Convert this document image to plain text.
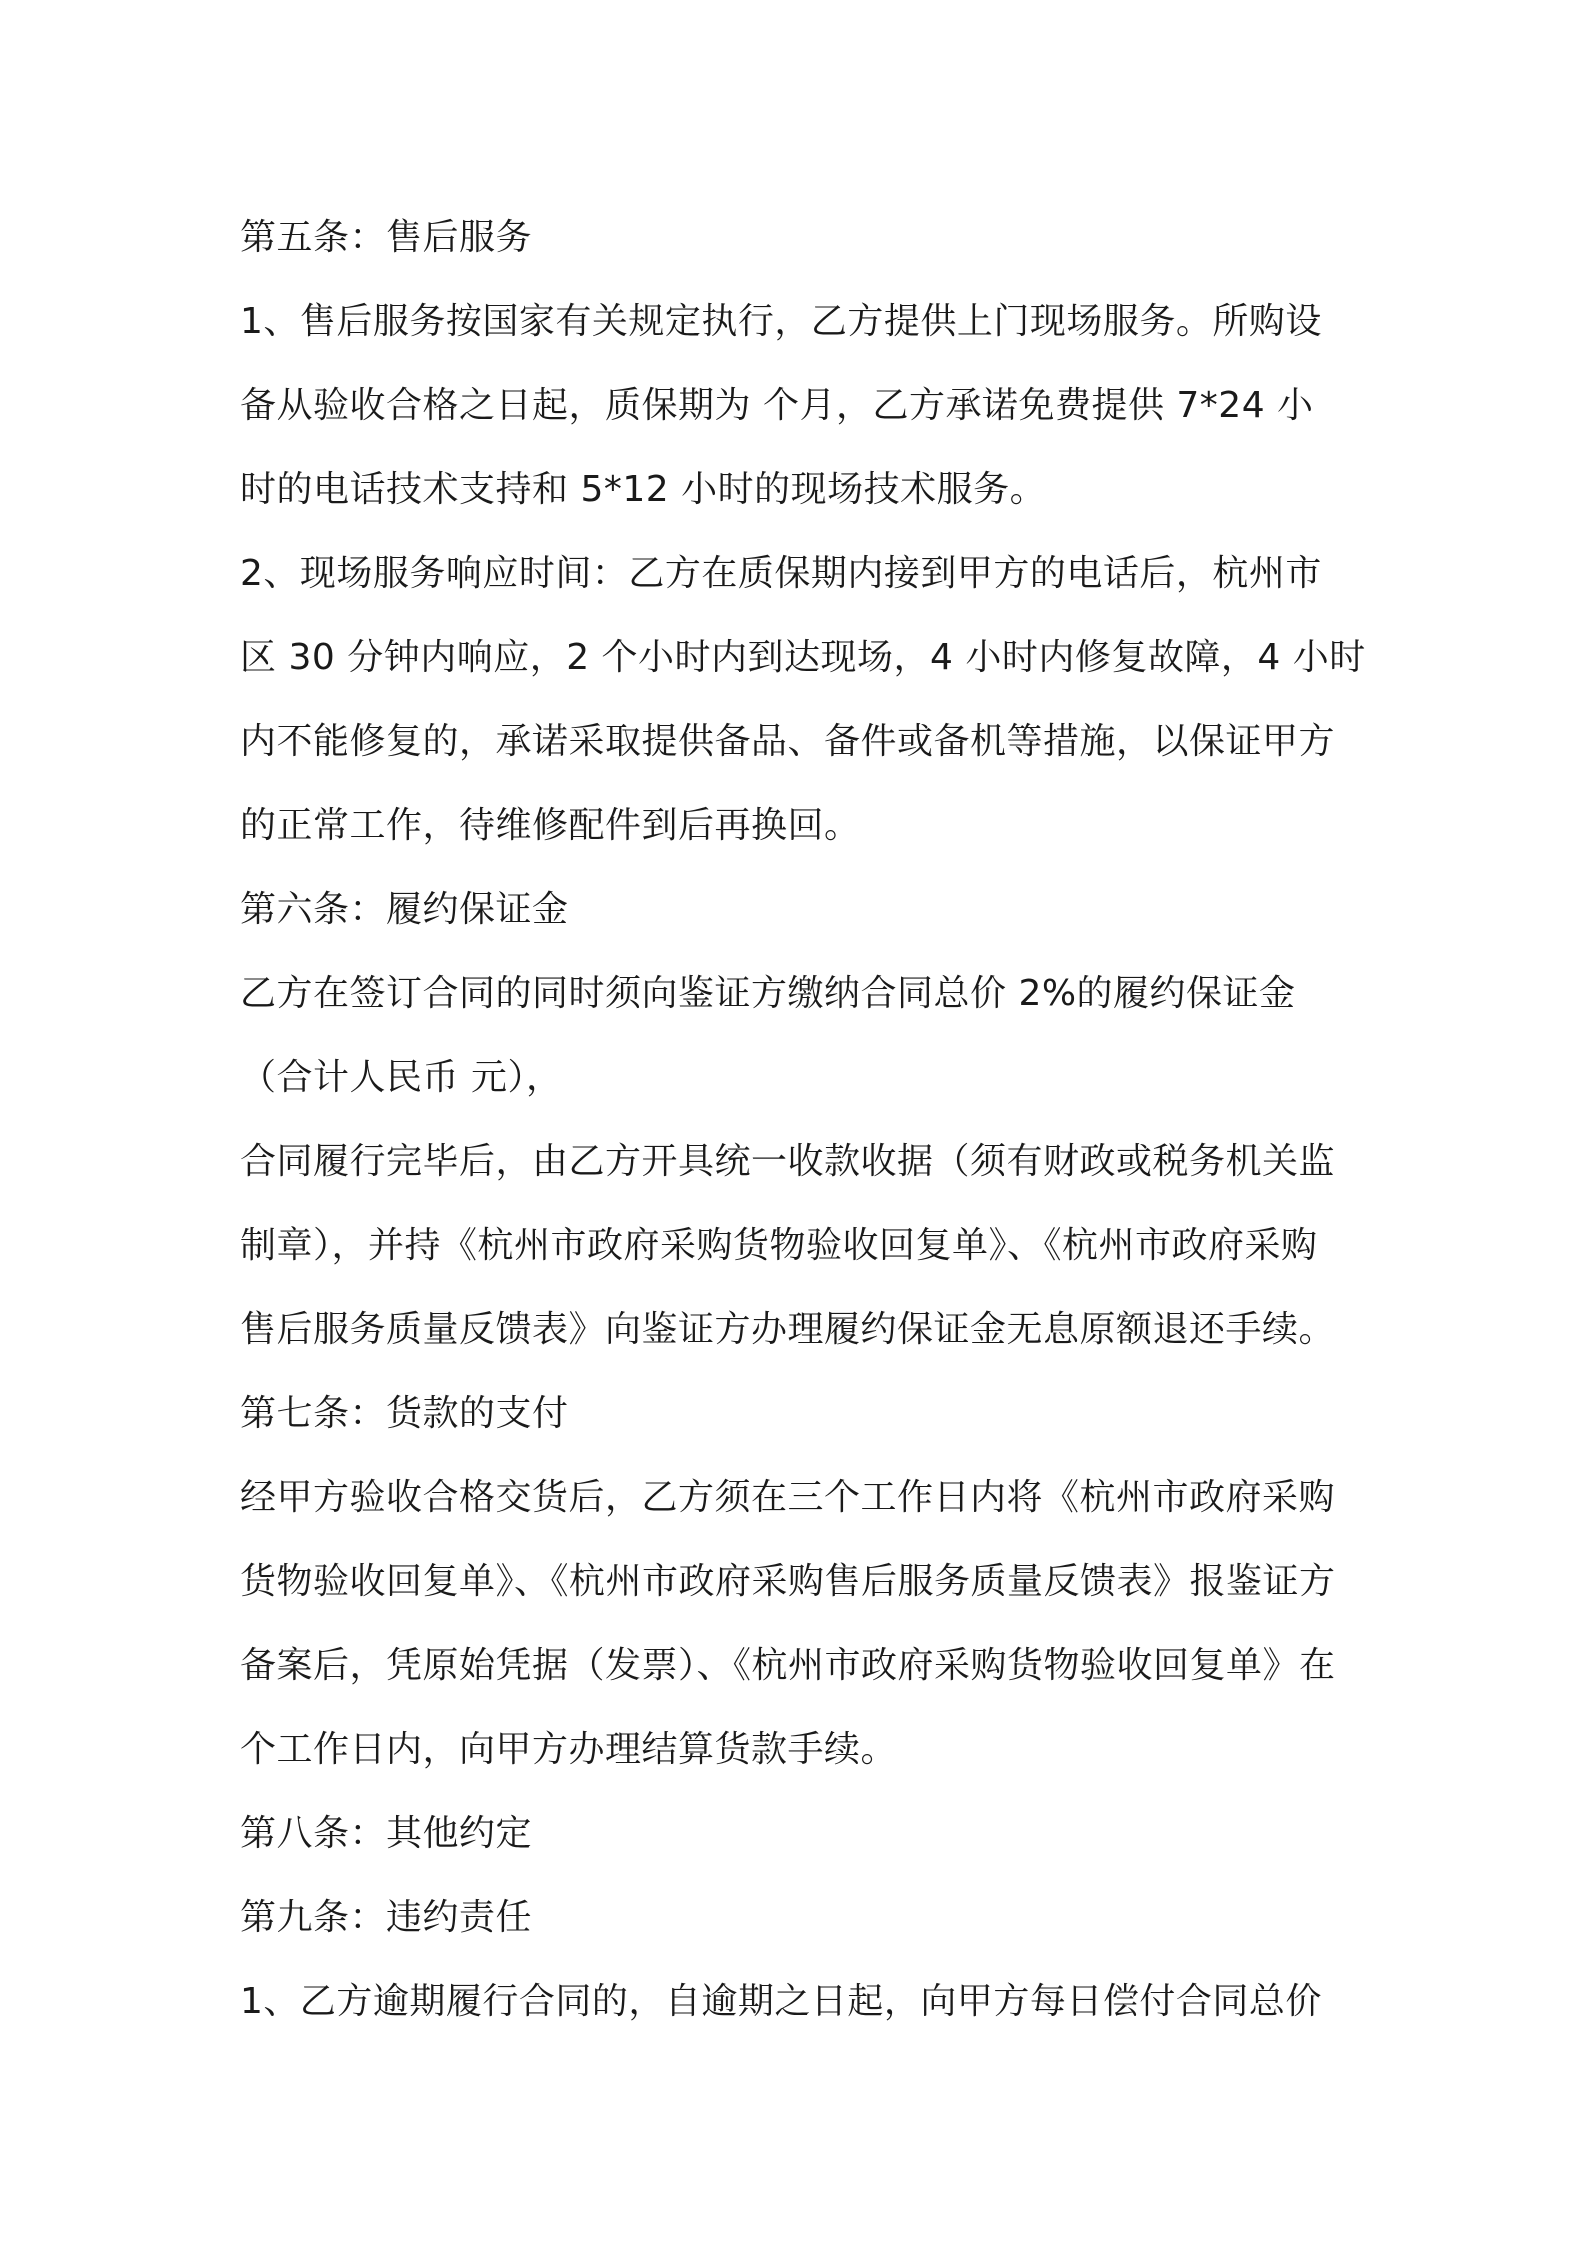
第五条：售后服务
1、售后服务按国家有关规定执行，乙方提供上门现场服务。所购设
备从验收合格之日起，质保期为 个月，乙方承诺免费提供 7*24 小
时的电话技术支持和 5*12 小时的现场技术服务。
2、现场服务响应时间：乙方在质保期内接到甲方的电话后，杭州市
区 30 分钟内响应，2 个小时内到达现场，4 小时内修复故障，4 小时
内不能修复的，承诺采取提供备品、备件或备机等措施，以保证甲方
的正常工作，待维修配件到后再换回。
第六条：履约保证金
乙方在签订合同的同时须向鉴证方缴纳合同总价 2%的履约保证金
（合计人民币 元），
合同履行完毕后，由乙方开具统一收款收据（须有财政或税务机关监
制章），并持《杭州市政府采购货物验收回复单》、《杭州市政府采购
售后服务质量反馈表》向鉴证方办理履约保证金无息原额退还手续。
第七条：货款的支付
经甲方验收合格交货后，乙方须在三个工作日内将《杭州市政府采购
货物验收回复单》、《杭州市政府采购售后服务质量反馈表》报鉴证方
备案后，凭原始凭据（发票）、《杭州市政府采购货物验收回复单》在
个工作日内，向甲方办理结算货款手续。
第八条：其他约定
第九条：违约责任
1、乙方逾期履行合同的，自逾期之日起，向甲方每日偿付合同总价
